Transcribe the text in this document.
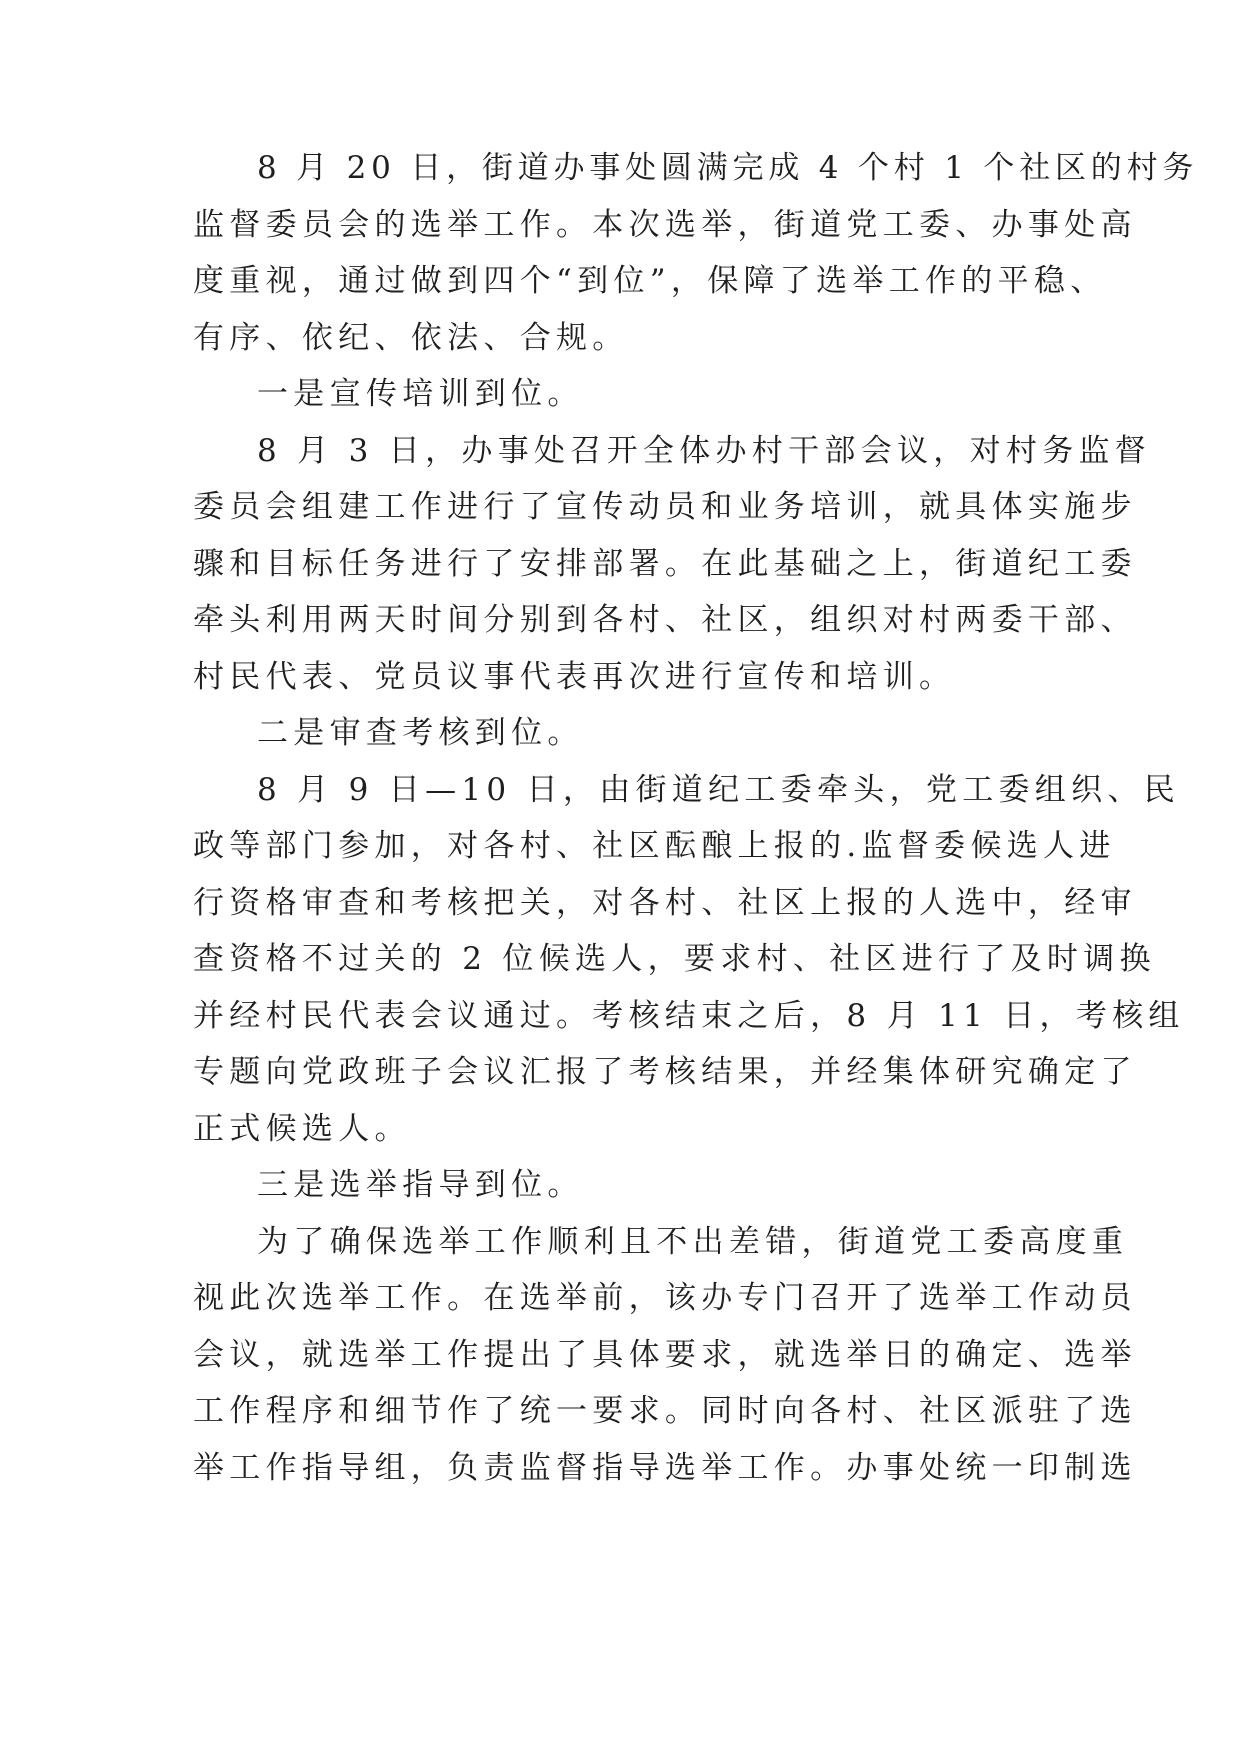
8 月 20 日，街道办事处圆满完成 4 个村 1 个社区的村务
监督委员会的选举工作。本次选举，街道党工委、办事处高
度重视，通过做到四个“到位”，保障了选举工作的平稳、
有序、依纪、依法、合规。
一是宣传培训到位。
8 月 3 日，办事处召开全体办村干部会议，对村务监督
委员会组建工作进行了宣传动员和业务培训，就具体实施步
骤和目标任务进行了安排部署。在此基础之上，街道纪工委
牵头利用两天时间分别到各村、社区，组织对村两委干部、
村民代表、党员议事代表再次进行宣传和培训。
二是审查考核到位。
8 月 9 日—10 日，由街道纪工委牵头，党工委组织、民
政等部门参加，对各村、社区酝酿上报的.监督委候选人进
行资格审查和考核把关，对各村、社区上报的人选中，经审
查资格不过关的 2 位候选人，要求村、社区进行了及时调换
并经村民代表会议通过。考核结束之后，8 月 11 日，考核组
专题向党政班子会议汇报了考核结果，并经集体研究确定了
正式候选人。
三是选举指导到位。
为了确保选举工作顺利且不出差错，街道党工委高度重
视此次选举工作。在选举前，该办专门召开了选举工作动员
会议，就选举工作提出了具体要求，就选举日的确定、选举
工作程序和细节作了统一要求。同时向各村、社区派驻了选
举工作指导组，负责监督指导选举工作。办事处统一印制选
